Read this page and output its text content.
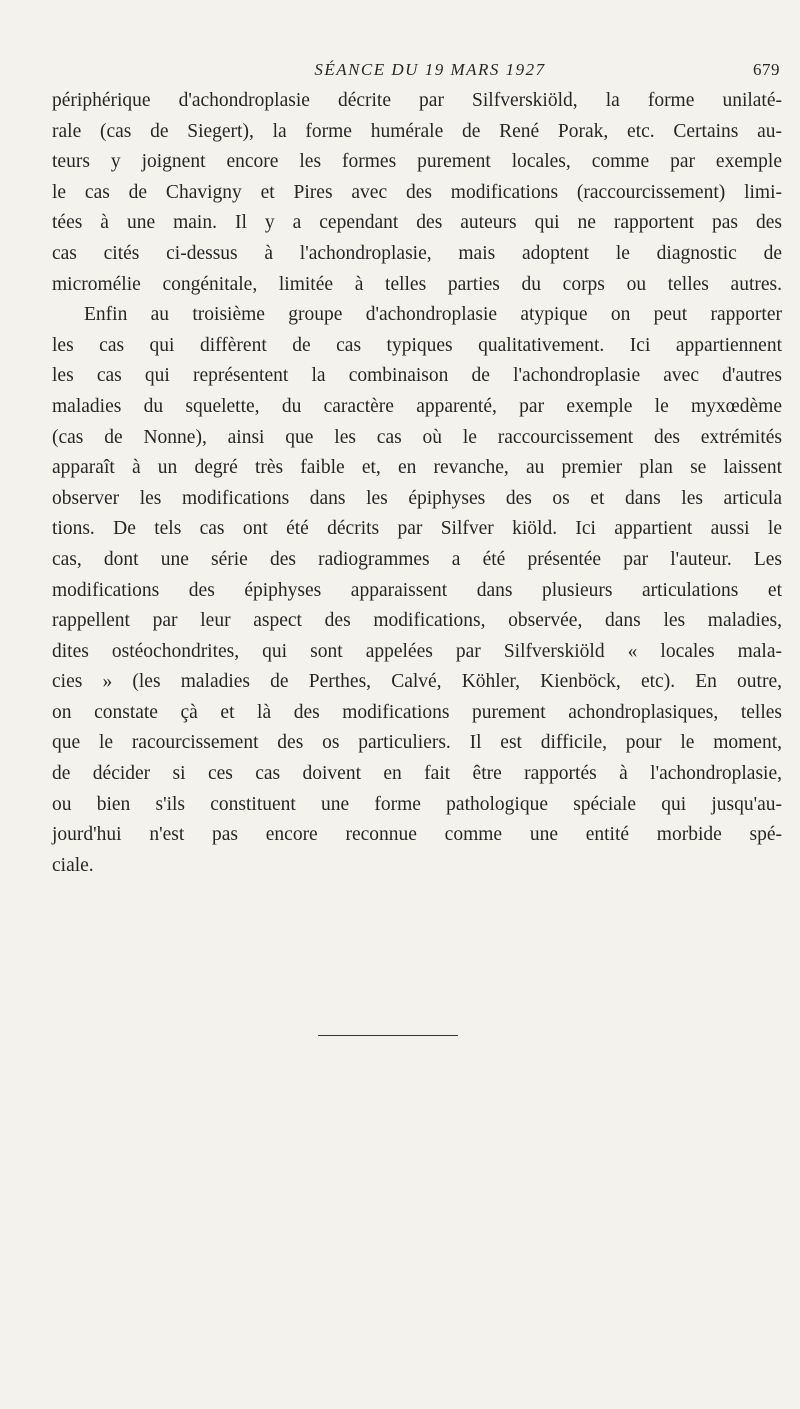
SÉANCE DU 19 MARS 1927	679
périphérique d'achondroplasie décrite par Silfverskiöld, la forme unilaté-
rale (cas de Siegert), la forme humérale de René Porak, etc. Certains au-
teurs y joignent encore les formes purement locales, comme par exemple
le cas de Chavigny et Pires avec des modifications (raccourcissement) limi-
tées à une main. Il y a cependant des auteurs qui ne rapportent pas des
cas cités ci-dessus à l'achondroplasie, mais adoptent le diagnostic de
micromélie congénitale, limitée à telles parties du corps ou telles autres.
Enfin au troisième groupe d'achondroplasie atypique on peut rapporter
les cas qui diffèrent de cas typiques qualitativement. Ici appartiennent
les cas qui représentent la combinaison de l'achondroplasie avec d'autres
maladies du squelette, du caractère apparenté, par exemple le myxœdème
(cas de Nonne), ainsi que les cas où le raccourcissement des extrémités
apparaît à un degré très faible et, en revanche, au premier plan se laissent
observer les modifications dans les épiphyses des os et dans les articula
tions. De tels cas ont été décrits par Silfver kiöld. Ici appartient aussi le
cas, dont une série des radiogrammes a été présentée par l'auteur. Les
modifications des épiphyses apparaissent dans plusieurs articulations et
rappellent par leur aspect des modifications, observée, dans les maladies,
dites ostéochondrites, qui sont appelées par Silfverskiöld « locales mala-
cies » (les maladies de Perthes, Calvé, Köhler, Kienböck, etc). En outre,
on constate çà et là des modifications purement achondroplasiques, telles
que le racourcissement des os particuliers. Il est difficile, pour le moment,
de décider si ces cas doivent en fait être rapportés à l'achondroplasie,
ou bien s'ils constituent une forme pathologique spéciale qui jusqu'au-
jourd'hui n'est pas encore reconnue comme une entité morbide spé-
ciale.
